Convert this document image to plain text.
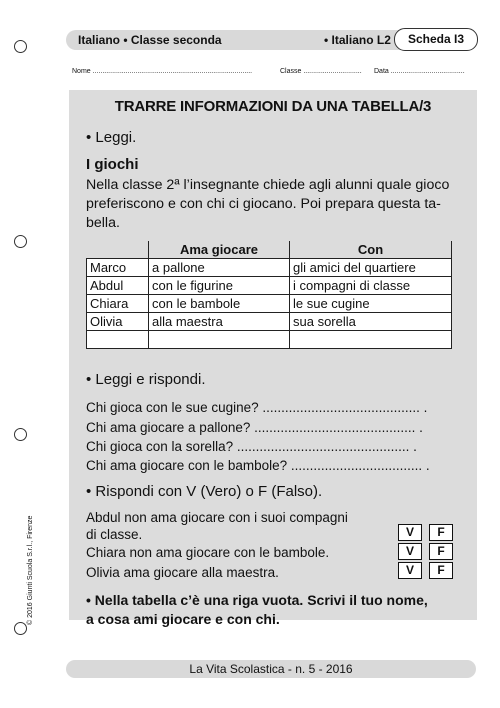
Italiano • Classe seconda	• Italiano L2	Scheda I3
Nome ..................................................................................	Classe .............................. Data ......................................
TRARRE INFORMAZIONI DA UNA TABELLA/3
• Leggi.
I giochi

Nella classe 2ª l’insegnante chiede agli alunni quale gioco preferiscono e con chi ci giocano. Poi prepara questa tabella.

	Ama giocare	Con
Marco	a pallone	gli amici del quartiere
Abdul	con le figurine	i compagni di classe
Chiara	con le bambole	le sue cugine
Olivia	alla maestra	sua sorella

• Leggi e rispondi.
Chi gioca con le sue cugine? .......................................... .
Chi ama giocare a pallone? ........................................... .
Chi gioca con la sorella? .............................................. .
Chi ama giocare con le bambole? ................................... .
• Rispondi con V (Vero) o F (Falso).
Abdul non ama giocare con i suoi compagni
di classe.
Chiara non ama giocare con le bambole.
Olivia ama giocare alla maestra.
V	F
V	F
V	F
• Nella tabella c’è una riga vuota. Scrivi il tuo nome,
a cosa ami giocare e con chi.
La Vita Scolastica - n. 5 - 2016
© 2016 Giunti Scuola S.r.l., Firenze
